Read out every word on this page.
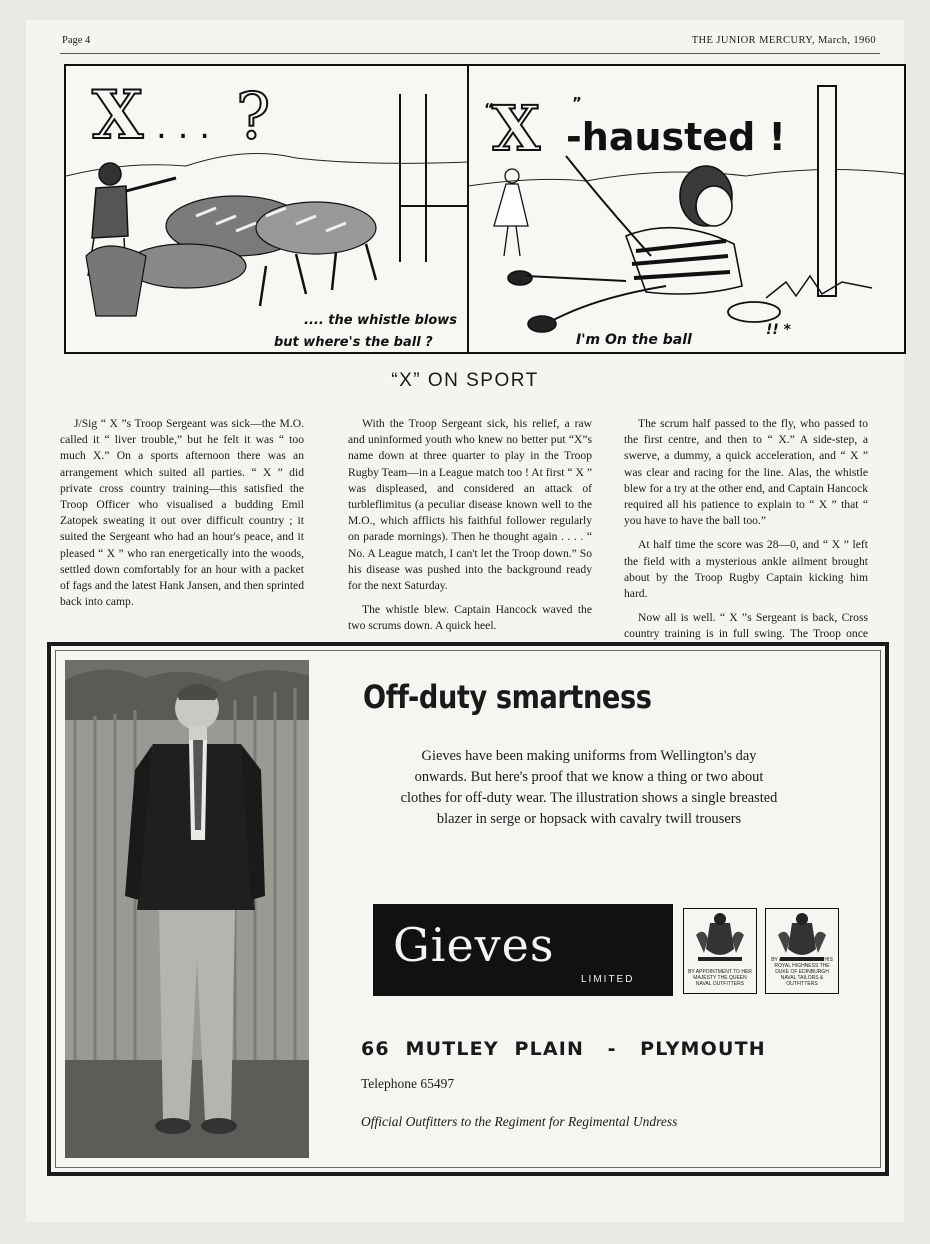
Page 4	THE JUNIOR MERCURY, March, 1960
X . . . ?
.... the whistle blows
but where's the ball ?
“
X ”
-hausted !
I'm On the ball
!! *

J/Sig “ X ”s Troop Sergeant was sick—the M.O. called it “ liver trouble,” but he felt it was “ too much X.” On a sports afternoon there was an arrangement which suited all parties. “ X ” did private cross country training—this satisfied the Troop Officer who visualised a budding Emil Zatopek sweating it out over difficult country ; it suited the Sergeant who had an hour's peace, and it pleased “ X ” who ran energetically into the woods, settled down comfortably for an hour with a packet of fags and the latest Hank Jansen, and then sprinted back into camp.

With the Troop Sergeant sick, his relief, a raw and uninformed youth who knew no better put “X”s name down at three quarter to play in the Troop Rugby Team—in a League match too ! At first “ X ” was displeased, and considered an attack of turbleflimitus (a peculiar disease known well to the M.O., which afflicts his faithful follower regularly on parade mornings). Then he thought again . . . . “ No. A League match, I can't let the Troop down.” So his disease was pushed into the background ready for the next Saturday.

The whistle blew. Captain Hancock waved the two scrums down. A quick heel.

The scrum half passed to the fly, who passed to the first centre, and then to “ X.” A side-step, a swerve, a dummy, a quick acceleration, and “ X ” was clear and racing for the line. Alas, the whistle blew for a try at the other end, and Captain Hancock required all his patience to explain to “ X ” that “ you have to have the ball too.”

At half time the score was 28—0, and “ X ” left the field with a mysterious ankle ailment brought about by the Troop Rugby Captain kicking him hard.

Now all is well. “ X ”s Sergeant is back, Cross country training is in full swing. The Troop once

“X” ON SPORT
Off-duty smartness
Gieves have been making uniforms from Wellington's day onwards. But here's proof that we know a thing or two about clothes for off-duty wear. The illustration shows a single breasted blazer in serge or hopsack with cavalry twill trousers
Gieves
LIMITED
BY APPOINTMENT TO HER MAJESTY THE QUEEN NAVAL OUTFITTERS
BY APPOINTMENT TO HIS ROYAL HIGHNESS THE DUKE OF EDINBURGH NAVAL TAILORS & OUTFITTERS
66  MUTLEY  PLAIN   -   PLYMOUTH
Telephone 65497
Official Outfitters to the Regiment for Regimental Undress
